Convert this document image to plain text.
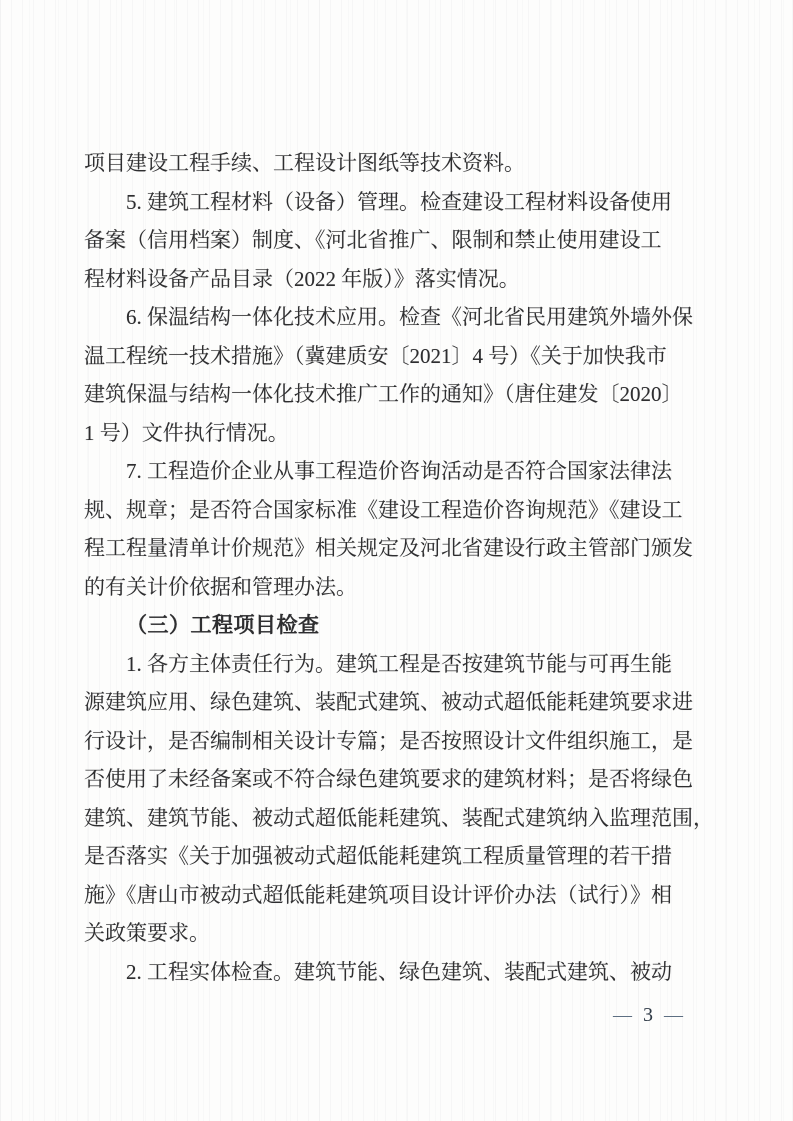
项目建设工程手续、工程设计图纸等技术资料。
5. 建筑工程材料（设备）管理。检查建设工程材料设备使用
备案（信用档案）制度、《河北省推广、限制和禁止使用建设工
程材料设备产品目录（2022 年版）》落实情况。
6. 保温结构一体化技术应用。检查《河北省民用建筑外墙外保
温工程统一技术措施》（冀建质安〔2021〕4 号）《关于加快我市
建筑保温与结构一体化技术推广工作的通知》（唐住建发〔2020〕
1 号）文件执行情况。
7. 工程造价企业从事工程造价咨询活动是否符合国家法律法
规、规章；是否符合国家标准《建设工程造价咨询规范》《建设工
程工程量清单计价规范》相关规定及河北省建设行政主管部门颁发
的有关计价依据和管理办法。
（三）工程项目检查
1. 各方主体责任行为。建筑工程是否按建筑节能与可再生能
源建筑应用、绿色建筑、装配式建筑、被动式超低能耗建筑要求进
行设计，是否编制相关设计专篇；是否按照设计文件组织施工，是
否使用了未经备案或不符合绿色建筑要求的建筑材料；是否将绿色
建筑、建筑节能、被动式超低能耗建筑、装配式建筑纳入监理范围，
是否落实《关于加强被动式超低能耗建筑工程质量管理的若干措
施》《唐山市被动式超低能耗建筑项目设计评价办法（试行）》相
关政策要求。
2. 工程实体检查。建筑节能、绿色建筑、装配式建筑、被动
— 3 —
